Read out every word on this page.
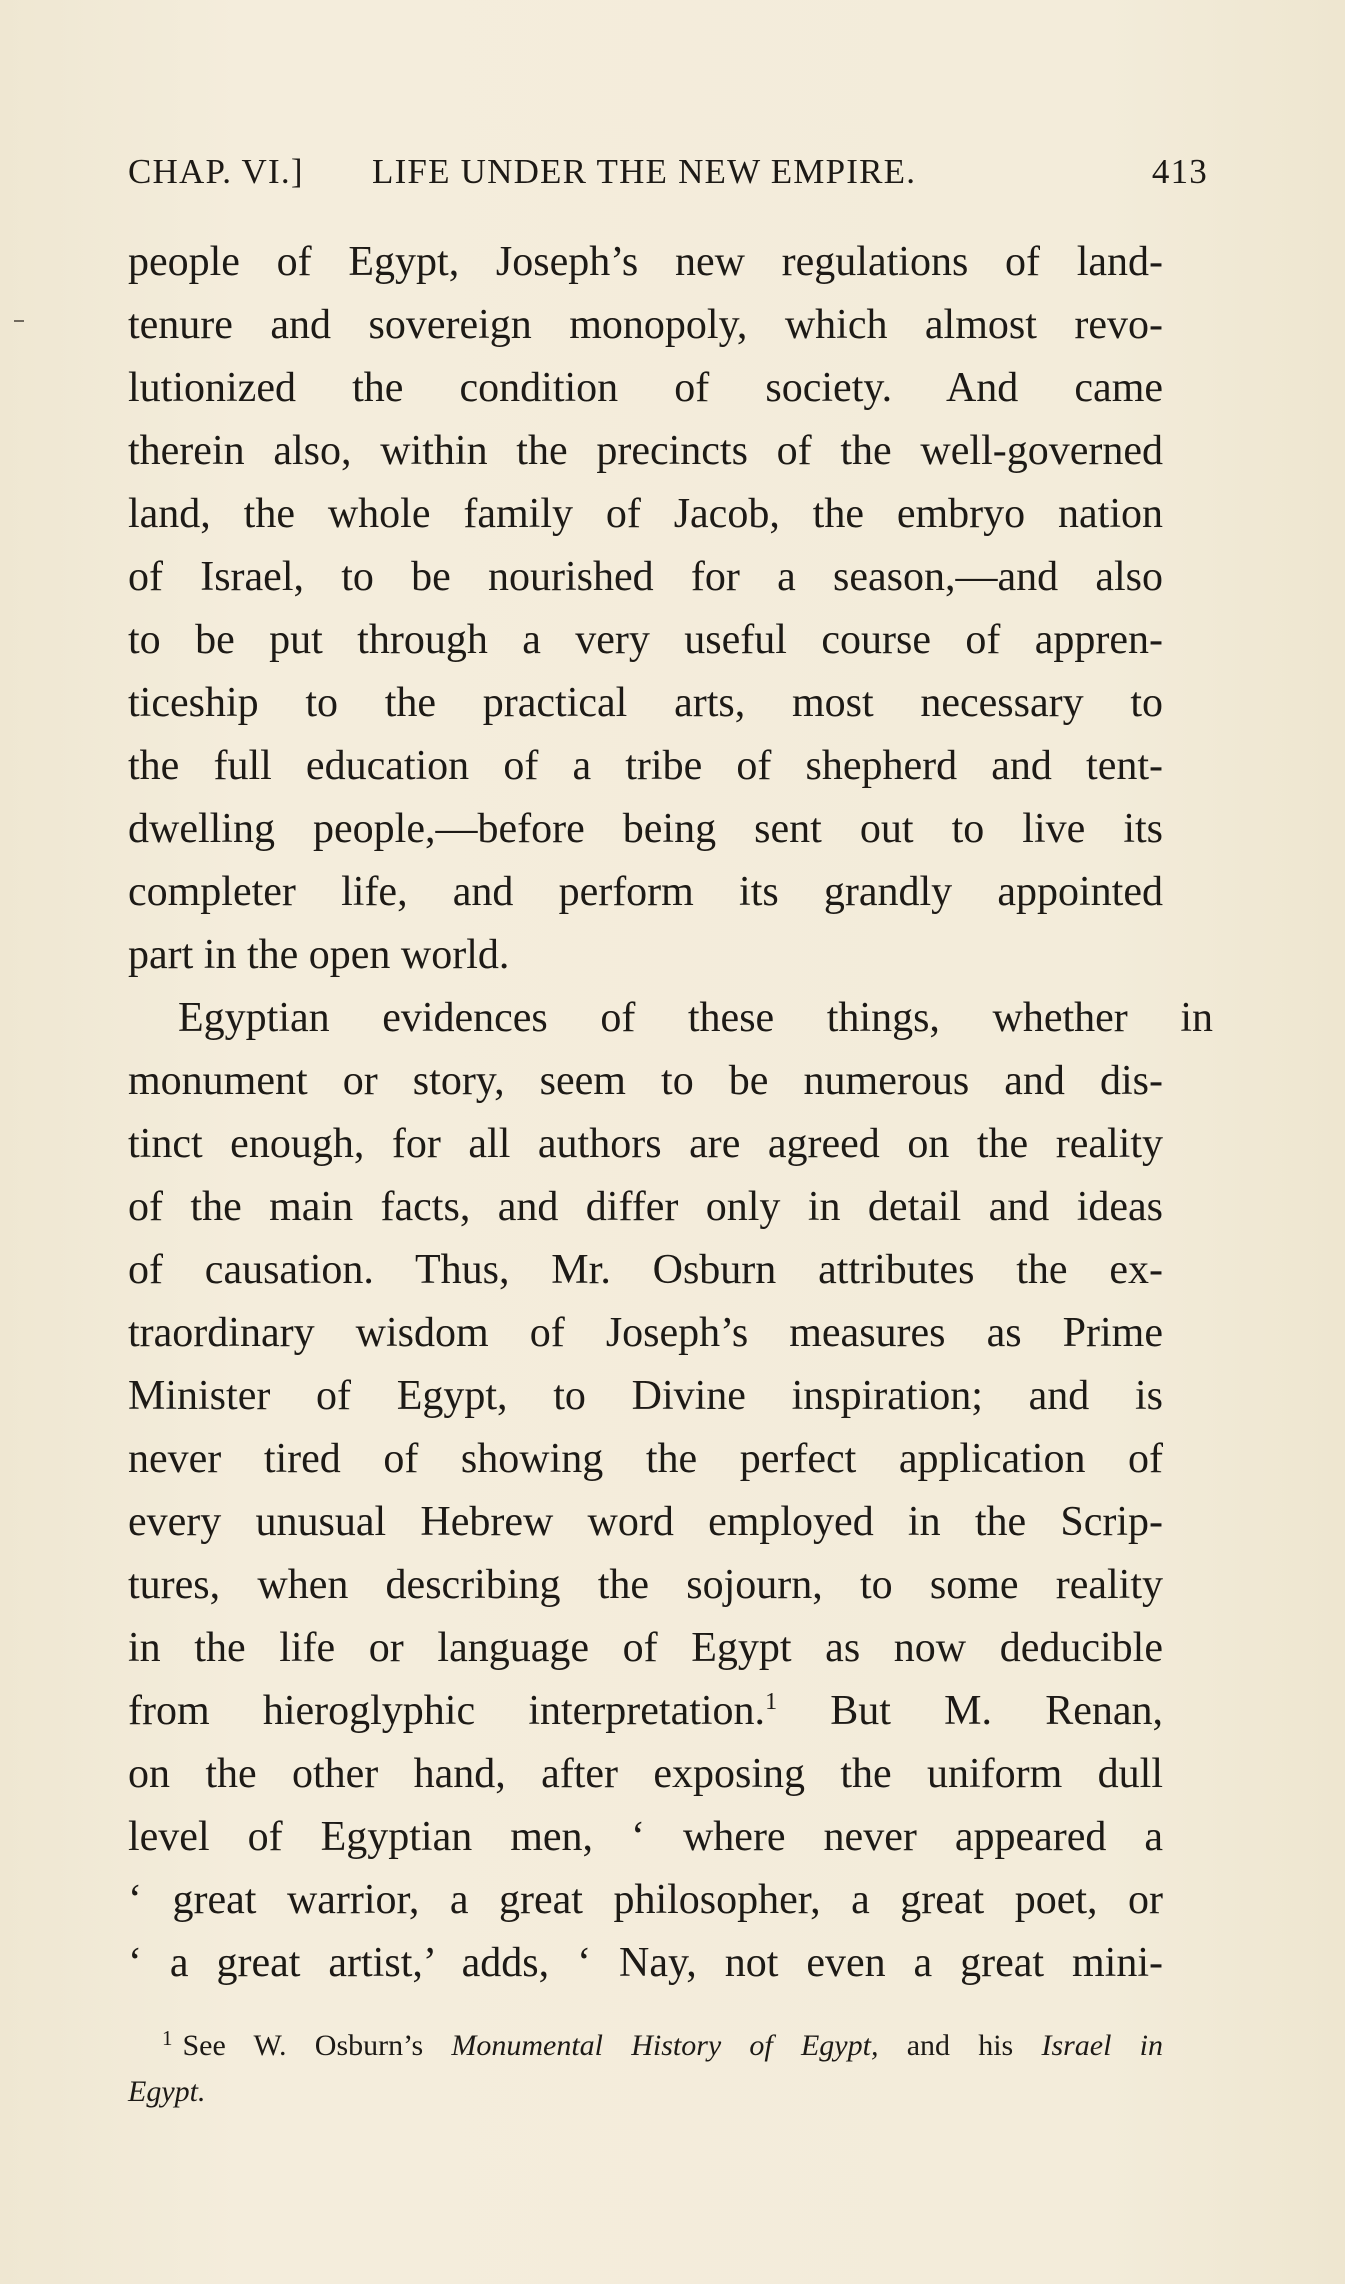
CHAP. VI.] LIFE UNDER THE NEW EMPIRE.	413
people of Egypt, Joseph’s new regulations of land-
tenure and sovereign monopoly, which almost revo-
lutionized the condition of society. And came
therein also, within the precincts of the well-governed
land, the whole family of Jacob, the embryo nation
of Israel, to be nourished for a season,—and also
to be put through a very useful course of appren-
ticeship to the practical arts, most necessary to
the full education of a tribe of shepherd and tent-
dwelling people,—before being sent out to live its
completer life, and perform its grandly appointed
part in the open world.
Egyptian evidences of these things, whether in
monument or story, seem to be numerous and dis-
tinct enough, for all authors are agreed on the reality
of the main facts, and differ only in detail and ideas
of causation. Thus, Mr. Osburn attributes the ex-
traordinary wisdom of Joseph’s measures as Prime
Minister of Egypt, to Divine inspiration; and is
never tired of showing the perfect application of
every unusual Hebrew word employed in the Scrip-
tures, when describing the sojourn, to some reality
in the life or language of Egypt as now deducible
from hieroglyphic interpretation.$^1$ But M. Renan,
on the other hand, after exposing the uniform dull
level of Egyptian men, ‘ where never appeared a
‘ great warrior, a great philosopher, a great poet, or
‘ a great artist,’ adds, ‘ Nay, not even a great mini-
$^1$ See W. Osburn’s Monumental History of Egypt, and his Israel in
Egypt.
